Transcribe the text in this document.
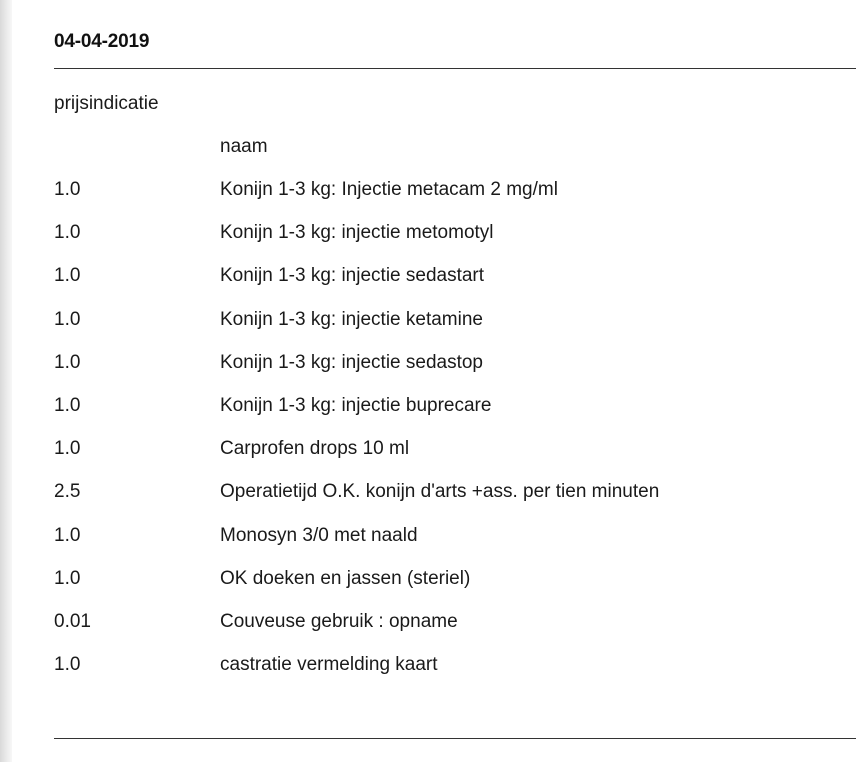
04-04-2019
prijsindicatie
naam
1.0	Konijn 1-3 kg: Injectie metacam 2 mg/ml
1.0	Konijn 1-3 kg: injectie metomotyl
1.0	Konijn 1-3 kg: injectie sedastart
1.0	Konijn 1-3 kg: injectie ketamine
1.0	Konijn 1-3 kg: injectie sedastop
1.0	Konijn 1-3 kg: injectie buprecare
1.0	Carprofen drops 10 ml
2.5	Operatietijd O.K. konijn d'arts +ass. per tien minuten
1.0	Monosyn 3/0 met naald
1.0	OK doeken en jassen (steriel)
0.01	Couveuse gebruik : opname
1.0	castratie vermelding kaart
